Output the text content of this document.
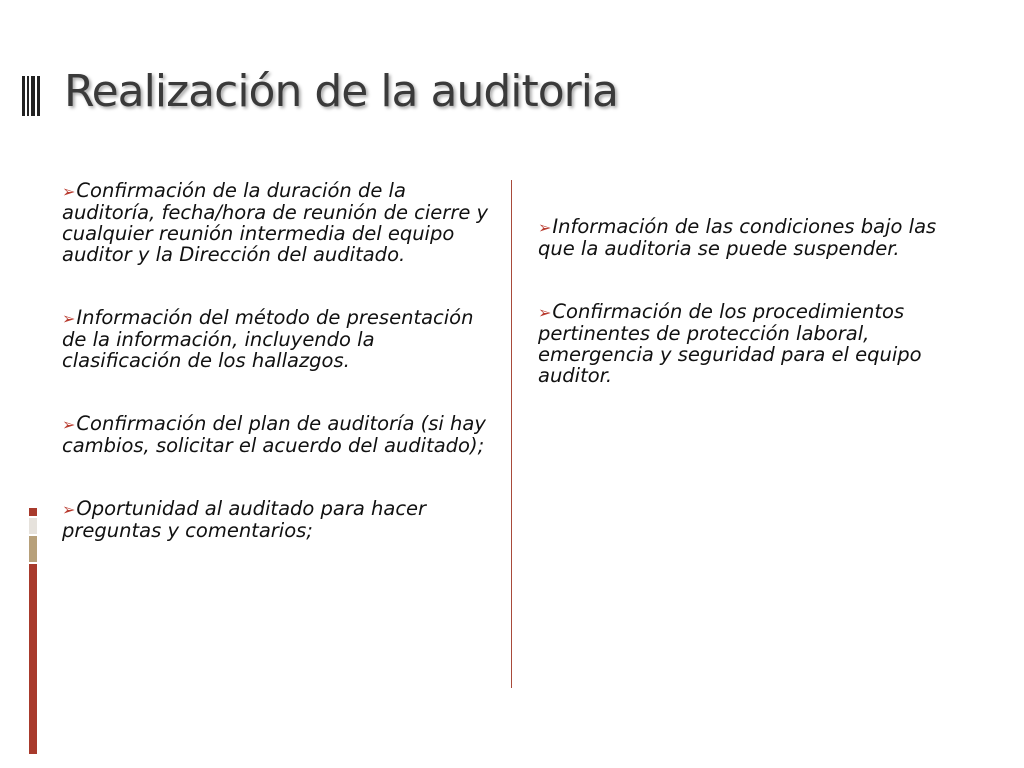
Realización de la auditoria

➢Confirmación de la duración de la auditoría, fecha/hora de reunión de cierre y cualquier reunión intermedia del equipo auditor y la Dirección del auditado.

➢Información del método de presentación de la información, incluyendo la clasificación de los hallazgos.

➢Confirmación del plan de auditoría (si hay cambios, solicitar el acuerdo del auditado);

➢Oportunidad al auditado para hacer preguntas y comentarios;

➢Información de las condiciones bajo las que la auditoria se puede suspender.

➢Confirmación de los procedimientos pertinentes de protección laboral, emergencia y seguridad para el equipo auditor.
